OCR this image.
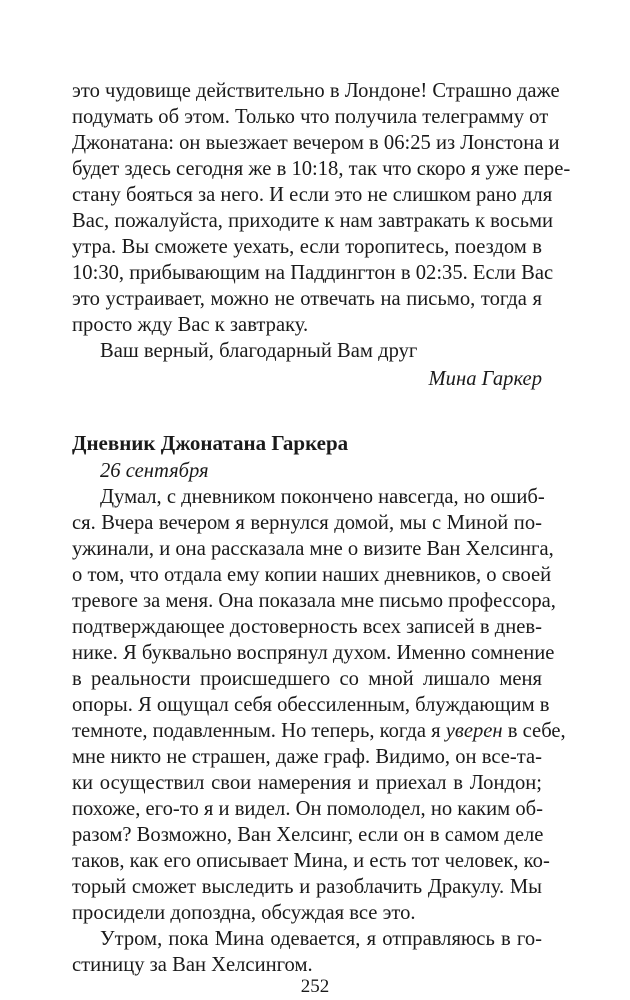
это чудовище действительно в Лондоне! Страшно даже
подумать об этом. Только что получила телеграмму от
Джонатана: он выезжает вечером в 06:25 из Лонстона и
будет здесь сегодня же в 10:18, так что скоро я уже пере-
стану бояться за него. И если это не слишком рано для
Вас, пожалуйста, приходите к нам завтракать к восьми
утра. Вы сможете уехать, если торопитесь, поездом в
10:30, прибывающим на Паддингтон в 02:35. Если Вас
это устраивает, можно не отвечать на письмо, тогда я
просто жду Вас к завтраку.
Ваш верный, благодарный Вам друг
Мина Гаркер
Дневник Джонатана Гаркера
26 сентября
Думал, с дневником покончено навсегда, но ошиб-
ся. Вчера вечером я вернулся домой, мы с Миной по-
ужинали, и она рассказала мне о визите Ван Хелсинга,
о том, что отдала ему копии наших дневников, о своей
тревоге за меня. Она показала мне письмо профессора,
подтверждающее достоверность всех записей в днев-
нике. Я буквально воспрянул духом. Именно сомнение
в реальности происшедшего со мной лишало меня
опоры. Я ощущал себя обессиленным, блуждающим в
темноте, подавленным. Но теперь, когда я уверен в себе,
мне никто не страшен, даже граф. Видимо, он все-та-
ки осуществил свои намерения и приехал в Лондон;
похоже, его-то я и видел. Он помолодел, но каким об-
разом? Возможно, Ван Хелсинг, если он в самом деле
таков, как его описывает Мина, и есть тот человек, ко-
торый сможет выследить и разоблачить Дракулу. Мы
просидели допоздна, обсуждая все это.
Утром, пока Мина одевается, я отправляюсь в го-
стиницу за Ван Хелсингом.
252
